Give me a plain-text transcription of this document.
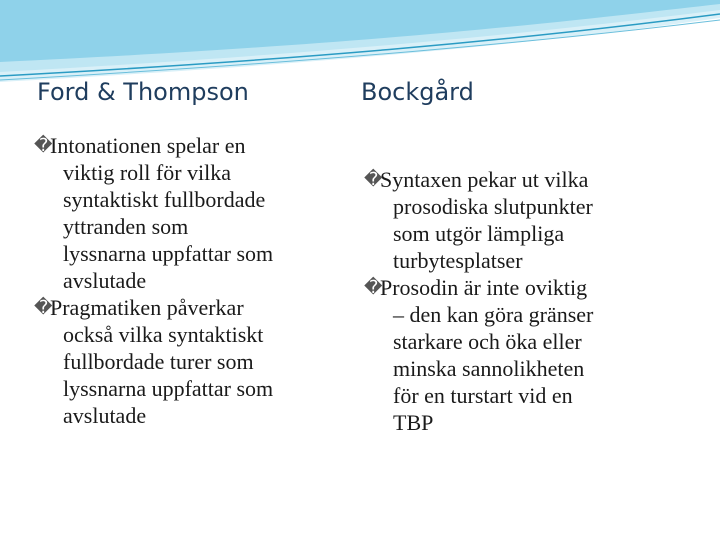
Ford & Thompson	Bockgård
�
Intonationen spelar en
viktig roll för vilka
syntaktiskt fullbordade
yttranden som
lyssnarna uppfattar som
avslutade
�
Pragmatiken påverkar
också vilka syntaktiskt
fullbordade turer som
lyssnarna uppfattar som
avslutade
�
Syntaxen pekar ut vilka
prosodiska slutpunkter
som utgör lämpliga
turbytesplatser
�
Prosodin är inte oviktig
– den kan göra gränser
starkare och öka eller
minska sannolikheten
för en turstart vid en
TBP
